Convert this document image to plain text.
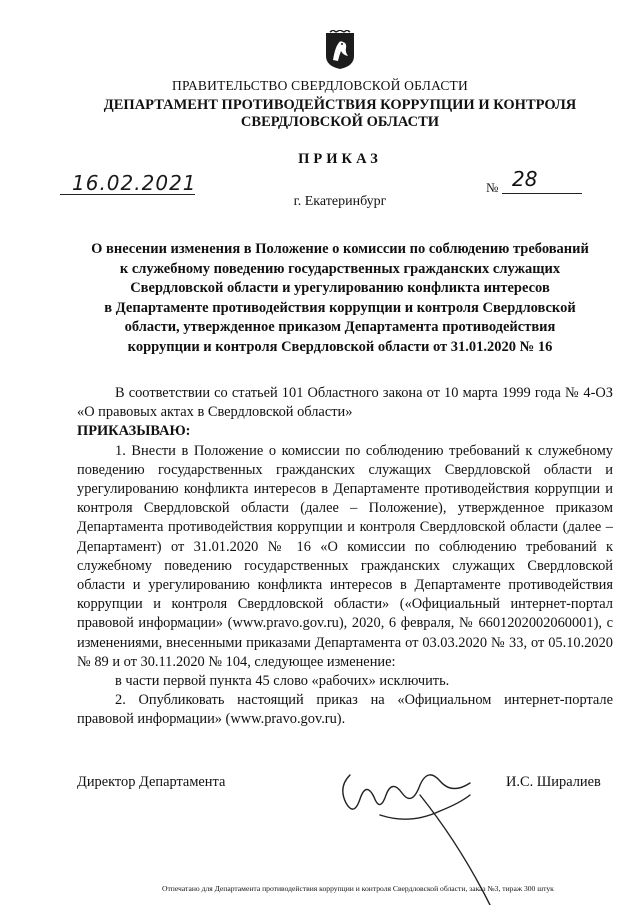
ПРАВИТЕЛЬСТВО СВЕРДЛОВСКОЙ ОБЛАСТИ
ДЕПАРТАМЕНТ ПРОТИВОДЕЙСТВИЯ КОРРУПЦИИ И КОНТРОЛЯ
СВЕРДЛОВСКОЙ ОБЛАСТИ
ПРИКАЗ
16.02.2021	№ 28
г. Екатеринбург
О внесении изменения в Положение о комиссии по соблюдению требований
к служебному поведению государственных гражданских служащих
Свердловской области и урегулированию конфликта интересов
в Департаменте противодействия коррупции и контроля Свердловской
области, утвержденное приказом Департамента противодействия
коррупции и контроля Свердловской области от 31.01.2020 № 16

В соответствии со статьей 101 Областного закона от 10 марта 1999 года № 4-ОЗ «О правовых актах в Свердловской области»

ПРИКАЗЫВАЮ:

1. Внести в Положение о комиссии по соблюдению требований к служебному поведению государственных гражданских служащих Свердловской области и урегулированию конфликта интересов в Департаменте противодействия коррупции и контроля Свердловской области (далее – Положение), утвержденное приказом Департамента противодействия коррупции и контроля Свердловской области (далее – Департамент) от 31.01.2020 № 16 «О комиссии по соблюдению требований к служебному поведению государственных гражданских служащих Свердловской области и урегулированию конфликта интересов в Департаменте противодействия коррупции и контроля Свердловской области» («Официальный интернет-портал правовой информации» (www.pravo.gov.ru), 2020, 6 февраля, № 6601202002060001), с изменениями, внесенными приказами Департамента от 03.03.2020 № 33, от 05.10.2020 № 89 и от 30.11.2020 № 104, следующее изменение:

в части первой пункта 45 слово «рабочих» исключить.

2. Опубликовать настоящий приказ на «Официальном интернет-портале правовой информации» (www.pravo.gov.ru).

Директор Департамента	И.С. Ширалиев
Отпечатано для Департамента противодействия коррупции и контроля Свердловской области, заказ №3, тираж 300 штук
